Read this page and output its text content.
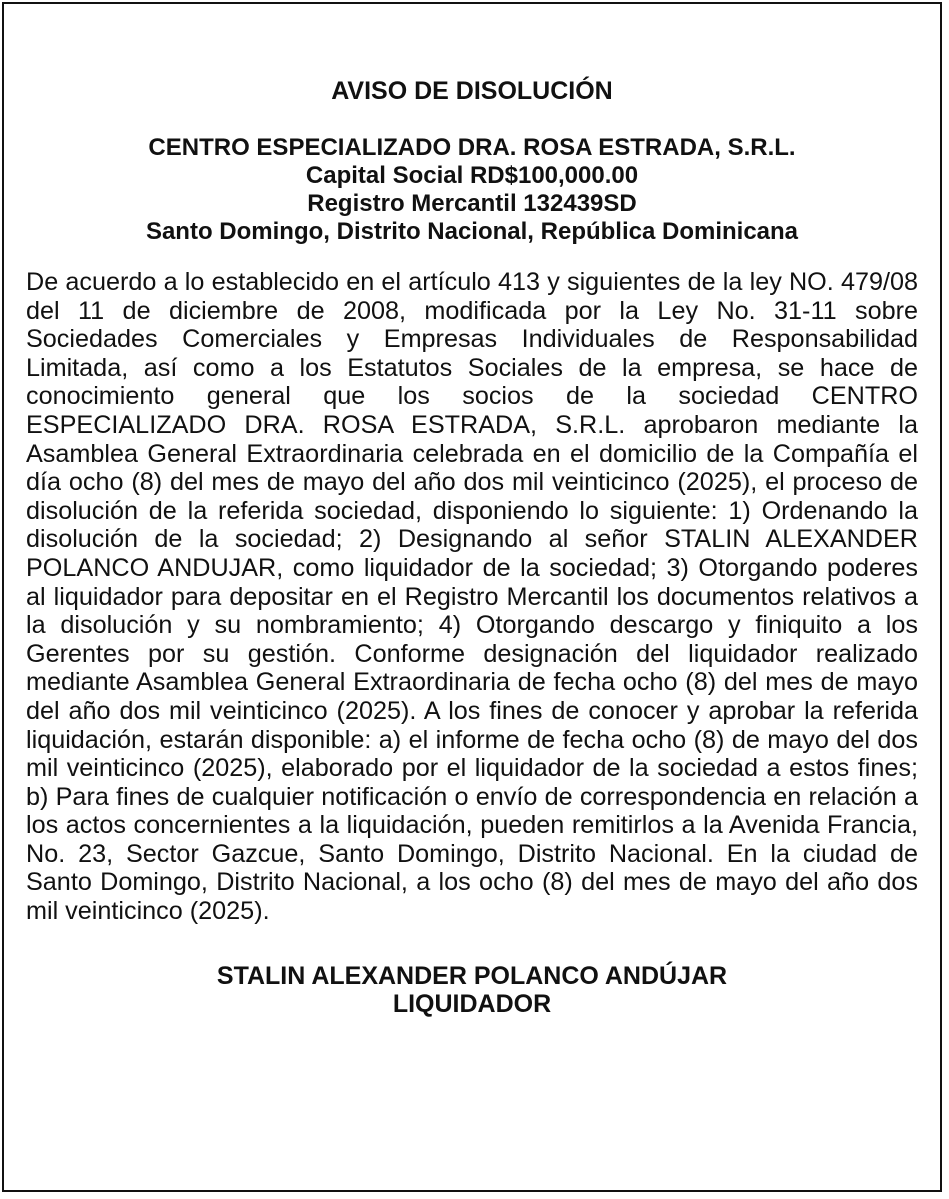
AVISO DE DISOLUCIÓN
CENTRO ESPECIALIZADO DRA. ROSA ESTRADA, S.R.L.
Capital Social RD$100,000.00
Registro Mercantil 132439SD
Santo Domingo, Distrito Nacional, República Dominicana

De acuerdo a lo establecido en el artículo 413 y siguientes de la ley NO. 479/08 del 11 de diciembre de 2008, modificada por la Ley No. 31-11 sobre Sociedades Comerciales y Empresas Individuales de Responsabilidad Limitada, así como a los Estatutos Sociales de la empresa, se hace de conocimiento general que los socios de la sociedad CENTRO ESPECIALIZADO DRA. ROSA ESTRADA, S.R.L. aprobaron mediante la Asamblea General Extraordinaria celebrada en el domicilio de la Compañía el día ocho (8) del mes de mayo del año dos mil veinticinco (2025), el proceso de disolución de la referida sociedad, disponiendo lo siguiente: 1) Ordenando la disolución de la sociedad; 2) Designando al señor STALIN ALEXANDER POLANCO ANDUJAR, como liquidador de la sociedad; 3) Otorgando poderes al liquidador para depositar en el Registro Mercantil los documentos relativos a la disolución y su nombramiento; 4) Otorgando descargo y finiquito a los Gerentes por su gestión. Conforme designación del liquidador realizado mediante Asamblea General Extraordinaria de fecha ocho (8) del mes de mayo del año dos mil veinticinco (2025). A los fines de conocer y aprobar la referida liquidación, estarán disponible: a) el informe de fecha ocho (8) de mayo del dos mil veinticinco (2025), elaborado por el liquidador de la sociedad a estos fines; b) Para fines de cualquier notificación o envío de correspondencia en relación a los actos concernientes a la liquidación, pueden remitirlos a la Avenida Francia, No. 23, Sector Gazcue, Santo Domingo, Distrito Nacional. En la ciudad de Santo Domingo, Distrito Nacional, a los ocho (8) del mes de mayo del año dos mil veinticinco (2025).

STALIN ALEXANDER POLANCO ANDÚJAR
LIQUIDADOR
